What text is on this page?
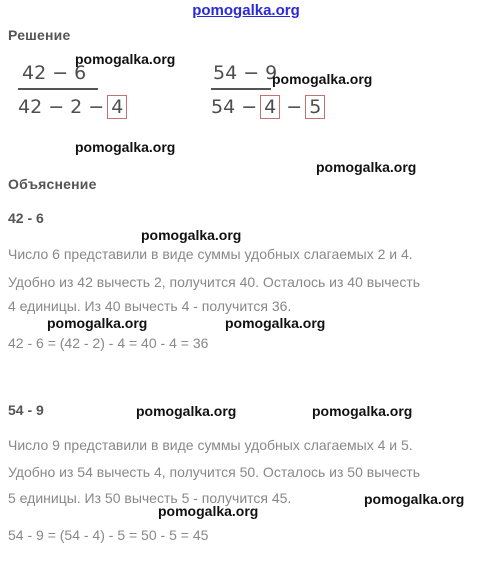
pomogalka.org
Решение
42 − 6
42 − 2 − 4
54 − 9
54 − 4 − 5
Объяснение
42 - 6
Число 6 представили в виде суммы удобных слагаемых 2 и 4.
Удобно из 42 вычесть 2, получится 40. Осталось из 40 вычесть
4 единицы. Из 40 вычесть 4 - получится 36.
42 - 6 = (42 - 2) - 4 = 40 - 4 = 36
54 - 9
Число 9 представили в виде суммы удобных слагаемых 4 и 5.
Удобно из 54 вычесть 4, получится 50. Осталось из 50 вычесть
5 единицы. Из 50 вычесть 5 - получится 45.
54 - 9 = (54 - 4) - 5 = 50 - 5 = 45
pomogalka.org
pomogalka.org
pomogalka.org
pomogalka.org
pomogalka.org
pomogalka.org	pomogalka.org
pomogalka.org	pomogalka.org
pomogalka.org
pomogalka.org
